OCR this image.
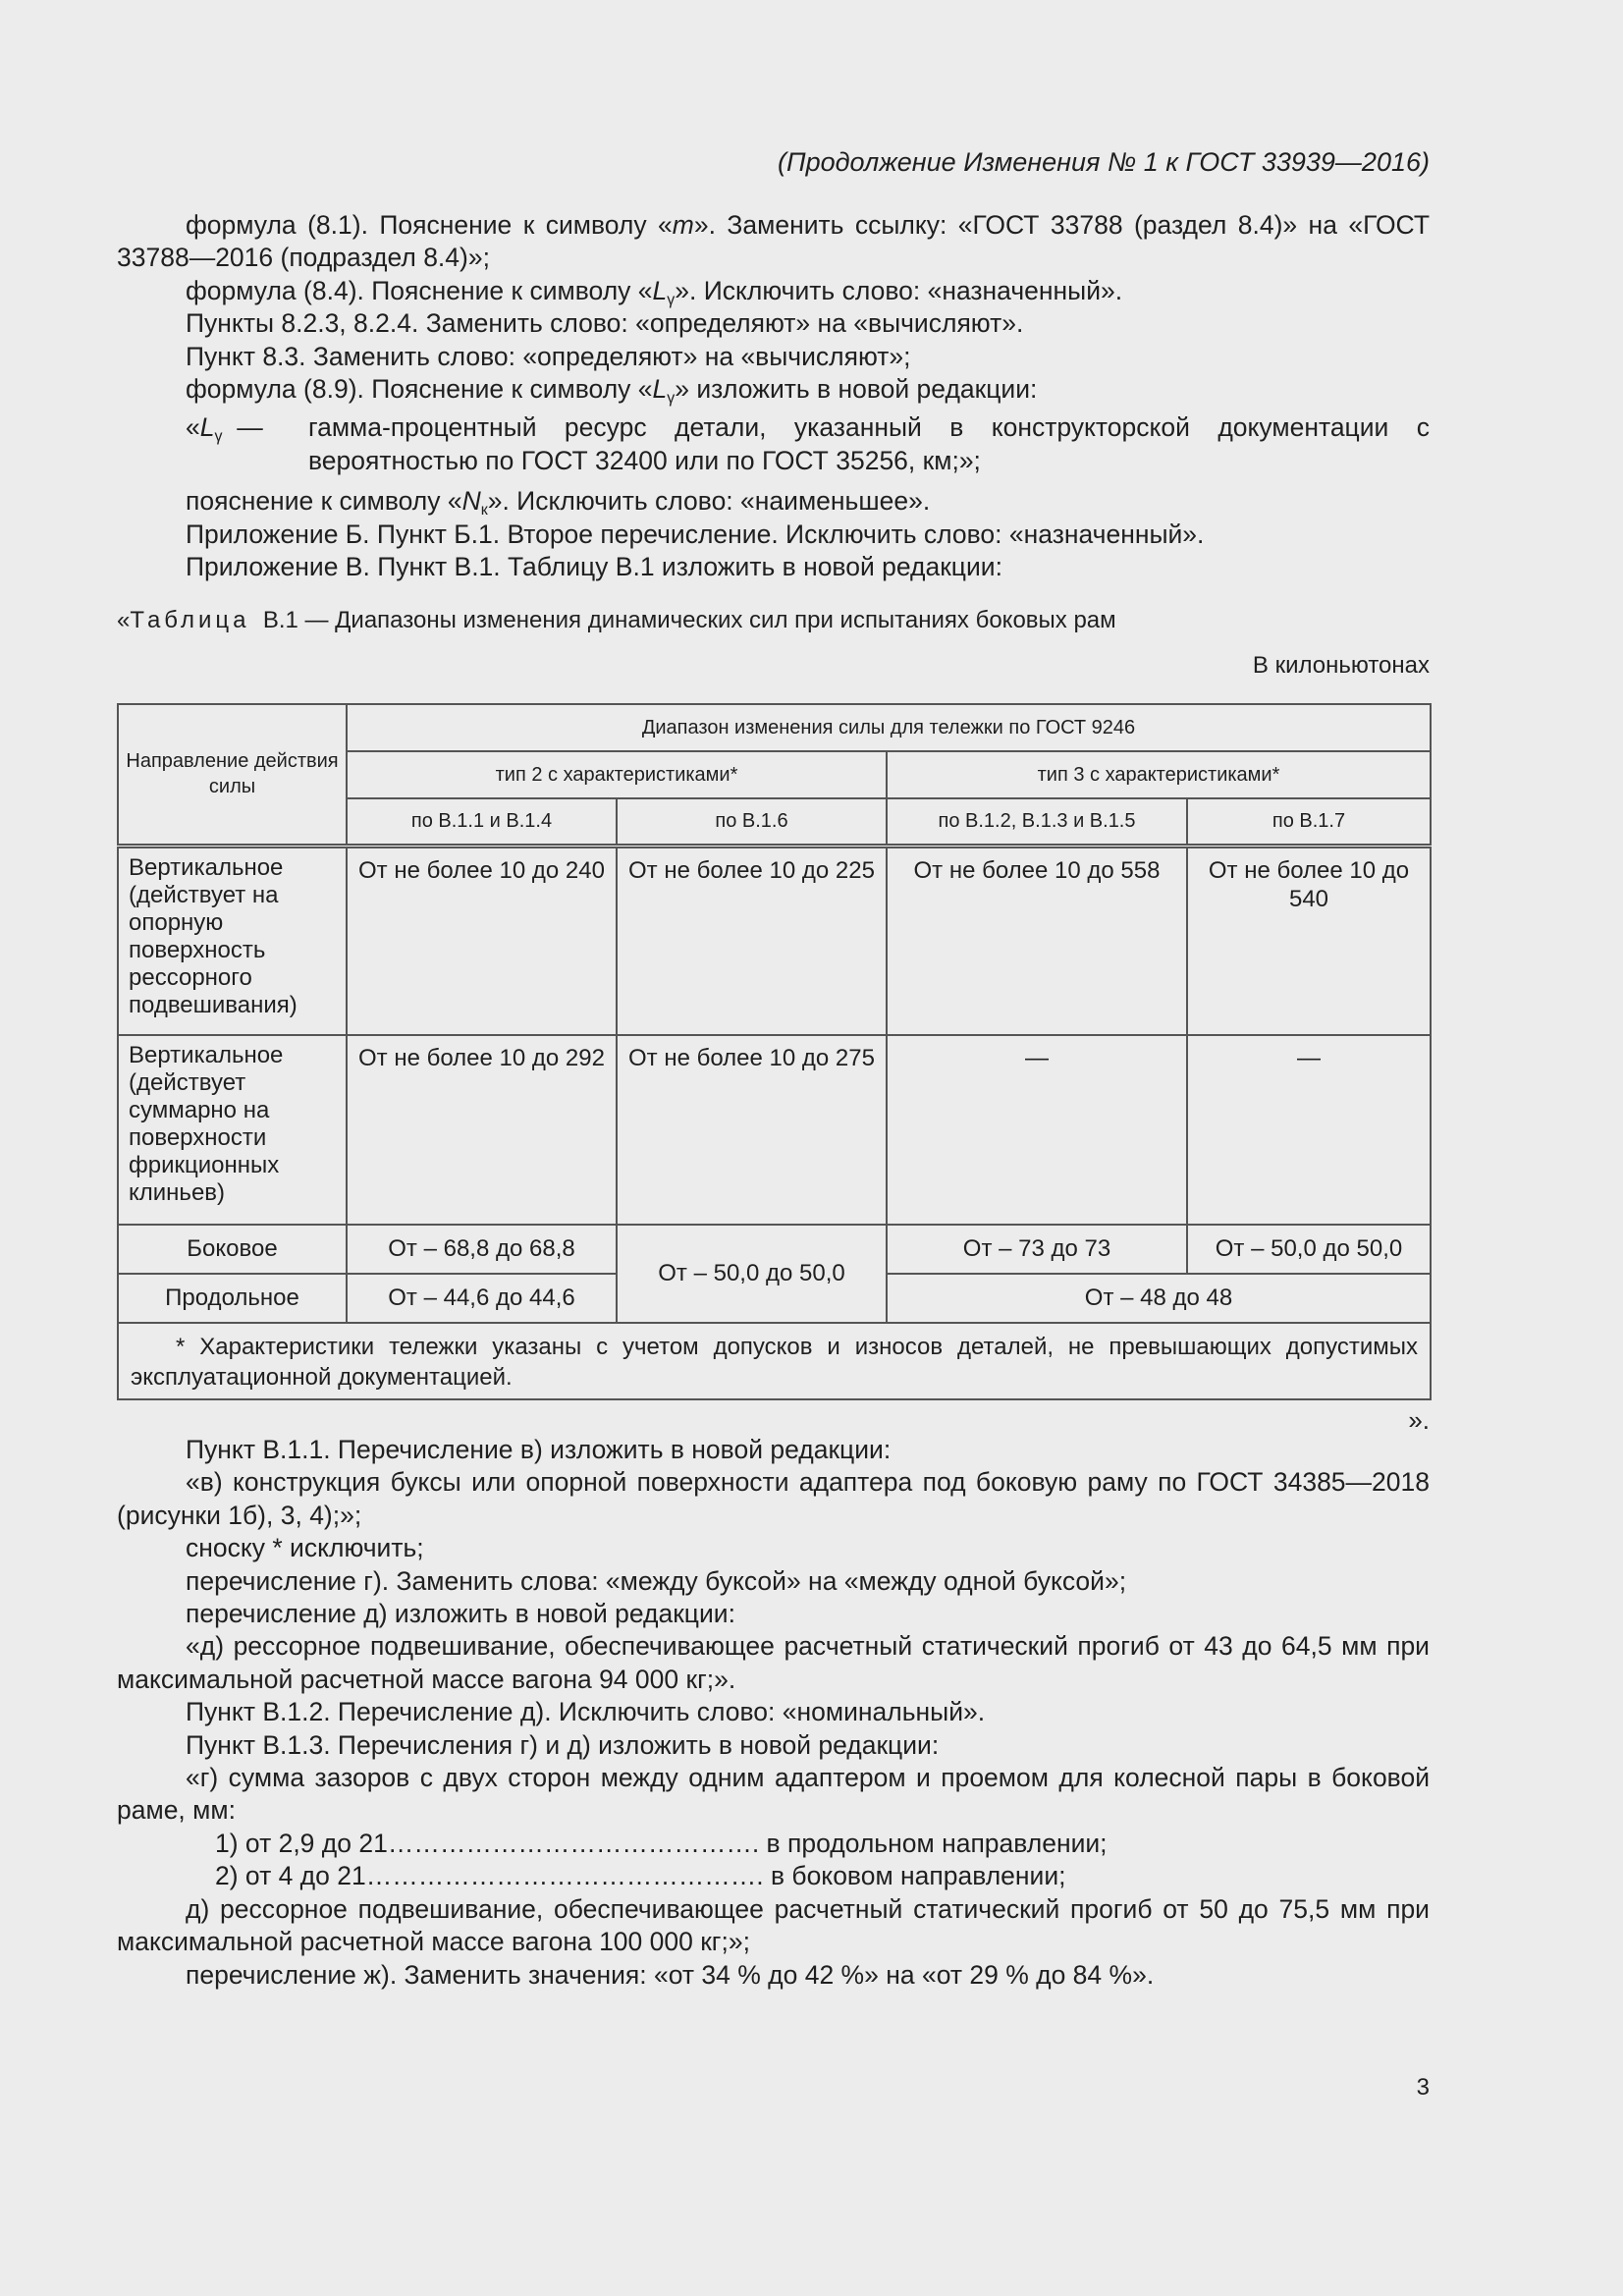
(Продолжение Изменения № 1 к ГОСТ 33939—2016)
формула (8.1). Пояснение к символу «m». Заменить ссылку: «ГОСТ 33788 (раздел 8.4)» на «ГОСТ 33788—2016 (подраздел 8.4)»;
формула (8.4). Пояснение к символу «$L_\gamma$». Исключить слово: «назначенный».
Пункты 8.2.3, 8.2.4. Заменить слово: «определяют» на «вычисляют».
Пункт 8.3. Заменить слово: «определяют» на «вычисляют»;
формула (8.9). Пояснение к символу «$L_\gamma$» изложить в новой редакции:
«$L_\gamma$  —	гамма-процентный ресурс детали, указанный в конструкторской документации с вероятностью по ГОСТ 32400 или по ГОСТ 35256, км;»;
пояснение к символу «$N_к$». Исключить слово: «наименьшее».
Приложение Б. Пункт Б.1. Второе перечисление. Исключить слово: «назначенный».
Приложение В. Пункт В.1. Таблицу В.1 изложить в новой редакции:
«Таблица В.1 — Диапазоны изменения динамических сил при испытаниях боковых рам
В килоньютонах
Направление действия силы	Диапазон изменения силы для тележки по ГОСТ 9246			
	тип 2 с характеристиками*		тип 3 с характеристиками*	
	по В.1.1 и В.1.4	по В.1.6	по В.1.2, В.1.3 и В.1.5	по В.1.7
Вертикальное (действует на опорную поверхность рессорного подвешивания)	От не более 10 до 240	От не более 10 до 225	От не более 10 до 558	От не более 10 до 540
Вертикальное (действует суммарно на поверхности фрикционных клиньев)	От не более 10 до 292	От не более 10 до 275	—	—
Боковое	От – 68,8 до 68,8	От – 50,0 до 50,0	От – 73 до 73	От – 50,0 до 50,0
Продольное	От – 44,6 до 44,6		От – 48 до 48	
* Характеристики тележки указаны с учетом допусков и износов деталей, не превышающих допустимых эксплуатационной документацией.				
».
Пункт В.1.1. Перечисление в) изложить в новой редакции:
«в) конструкция буксы или опорной поверхности адаптера под боковую раму по ГОСТ 34385—2018 (рисунки 1б), 3, 4);»;
сноску * исключить;
перечисление г). Заменить слова: «между буксой» на «между одной буксой»;
перечисление д) изложить в новой редакции:
«д) рессорное подвешивание, обеспечивающее расчетный статический прогиб от 43 до 64,5 мм при максимальной расчетной массе вагона 94 000 кг;».
Пункт В.1.2. Перечисление д). Исключить слово: «номинальный».
Пункт В.1.3. Перечисления г) и д) изложить в новой редакции:
«г) сумма зазоров с двух сторон между одним адаптером и проемом для колесной пары в боковой раме, мм:
1) от 2,9 до 21……………………………………. в продольном направлении;
2) от 4 до 21………………………………………. в боковом направлении;
д) рессорное подвешивание, обеспечивающее расчетный статический прогиб от 50 до 75,5 мм при максимальной расчетной массе вагона 100 000 кг;»;
перечисление ж). Заменить значения: «от 34 % до 42 %» на «от 29 % до 84 %».
3
